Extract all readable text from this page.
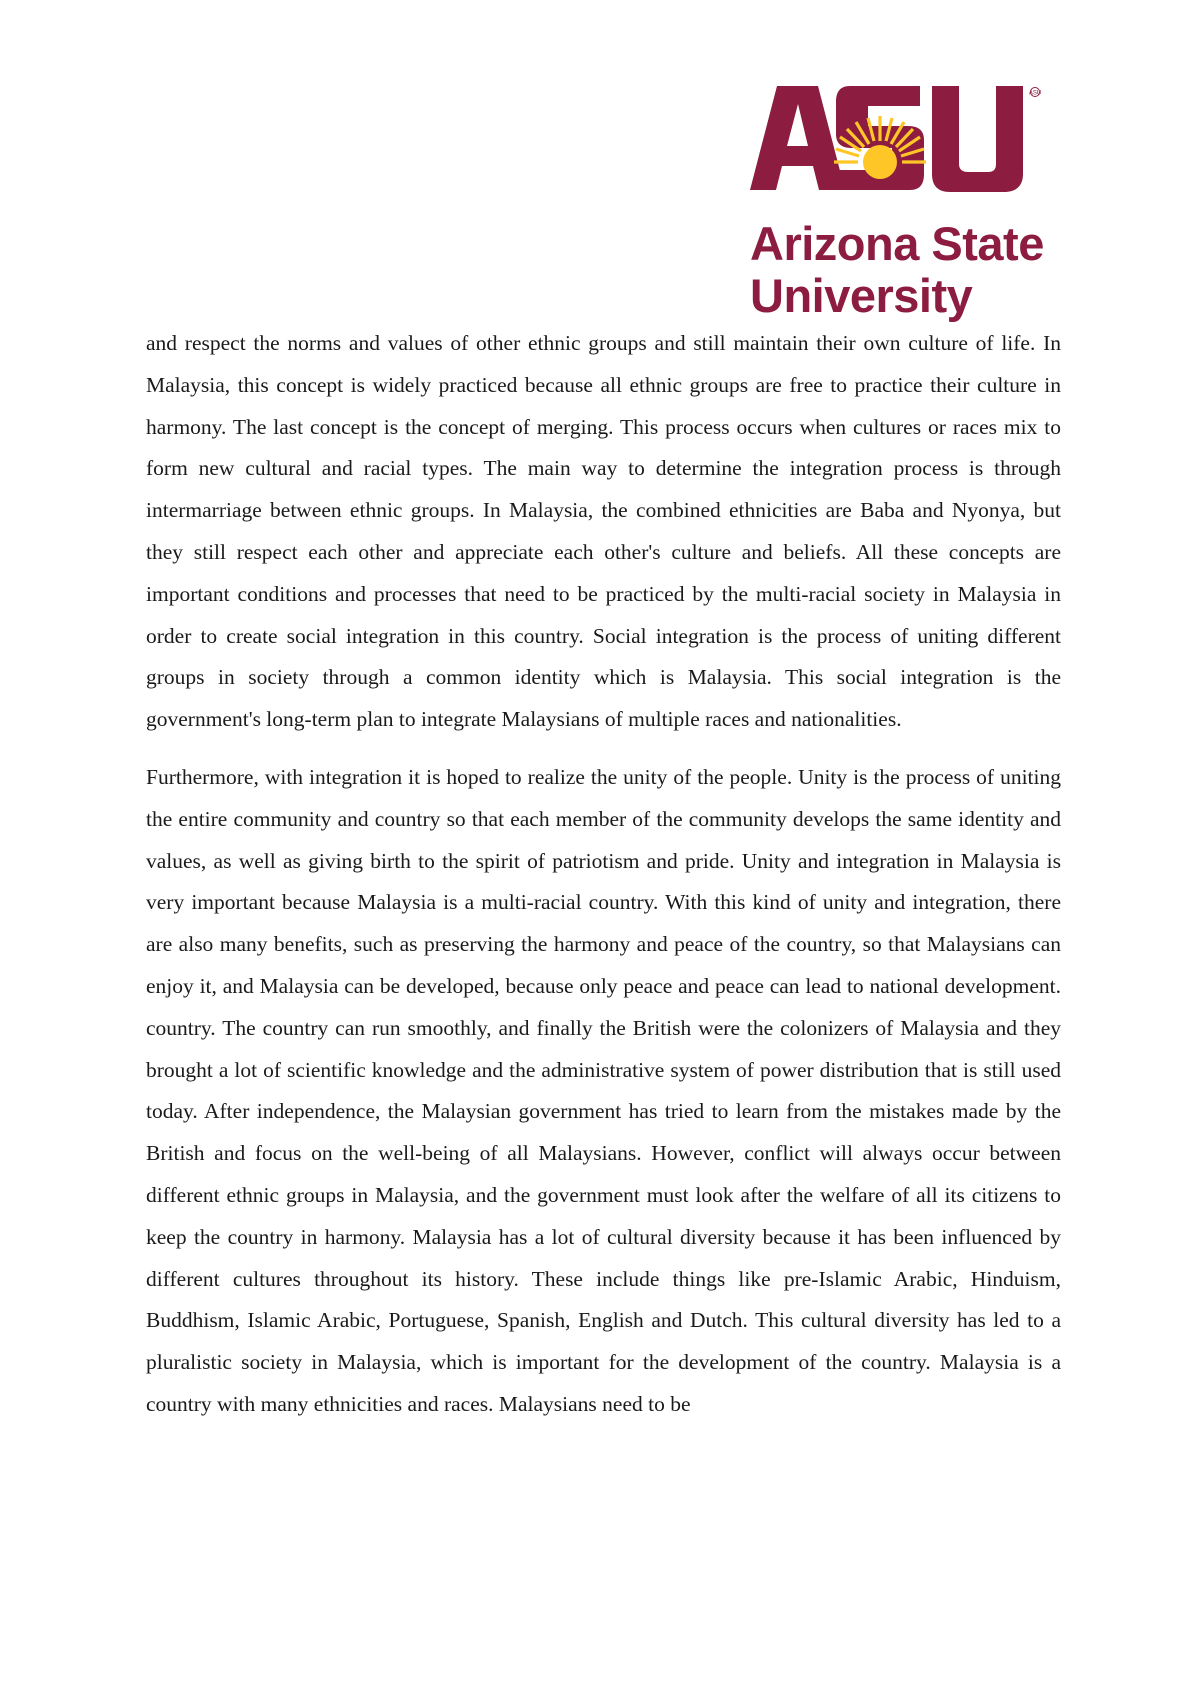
ASU
Arizona State
University

and respect the norms and values of other ethnic groups and still maintain their own culture of life. In Malaysia, this concept is widely practiced because all ethnic groups are free to practice their culture in harmony. The last concept is the concept of merging. This process occurs when cultures or races mix to form new cultural and racial types. The main way to determine the integration process is through intermarriage between ethnic groups. In Malaysia, the combined ethnicities are Baba and Nyonya, but they still respect each other and appreciate each other's culture and beliefs. All these concepts are important conditions and processes that need to be practiced by the multi-racial society in Malaysia in order to create social integration in this country. Social integration is the process of uniting different groups in society through a common identity which is Malaysia. This social integration is the government's long-term plan to integrate Malaysians of multiple races and nationalities.

Furthermore, with integration it is hoped to realize the unity of the people. Unity is the process of uniting the entire community and country so that each member of the community develops the same identity and values, as well as giving birth to the spirit of patriotism and pride. Unity and integration in Malaysia is very important because Malaysia is a multi-racial country. With this kind of unity and integration, there are also many benefits, such as preserving the harmony and peace of the country, so that Malaysians can enjoy it, and Malaysia can be developed, because only peace and peace can lead to national development. country. The country can run smoothly, and finally the British were the colonizers of Malaysia and they brought a lot of scientific knowledge and the administrative system of power distribution that is still used today. After independence, the Malaysian government has tried to learn from the mistakes made by the British and focus on the well-being of all Malaysians. However, conflict will always occur between different ethnic groups in Malaysia, and the government must look after the welfare of all its citizens to keep the country in harmony. Malaysia has a lot of cultural diversity because it has been influenced by different cultures throughout its history. These include things like pre-Islamic Arabic, Hinduism, Buddhism, Islamic Arabic, Portuguese, Spanish, English and Dutch. This cultural diversity has led to a pluralistic society in Malaysia, which is important for the development of the country. Malaysia is a country with many ethnicities and races. Malaysians need to be
